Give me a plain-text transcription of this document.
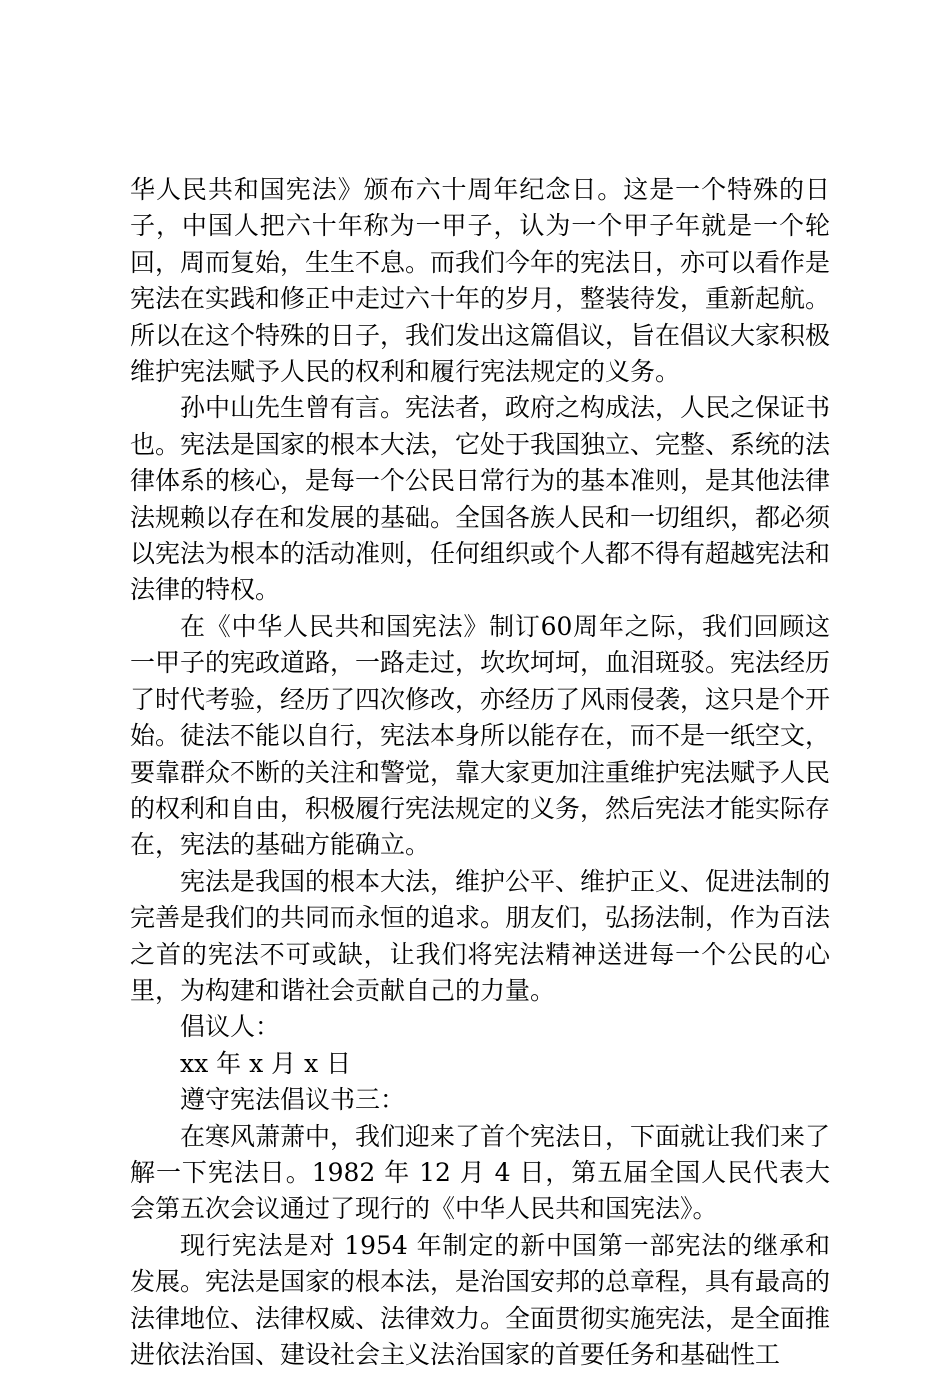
华人民共和国宪法》颁布六十周年纪念日。这是一个特殊的日子，中国人把六十年称为一甲子，认为一个甲子年就是一个轮回，周而复始，生生不息。而我们今年的宪法日，亦可以看作是宪法在实践和修正中走过六十年的岁月，整装待发，重新起航。所以在这个特殊的日子，我们发出这篇倡议，旨在倡议大家积极维护宪法赋予人民的权利和履行宪法规定的义务。

孙中山先生曾有言。宪法者，政府之构成法，人民之保证书也。宪法是国家的根本大法，它处于我国独立、完整、系统的法律体系的核心，是每一个公民日常行为的基本准则，是其他法律法规赖以存在和发展的基础。全国各族人民和一切组织，都必须以宪法为根本的活动准则，任何组织或个人都不得有超越宪法和法律的特权。

在《中华人民共和国宪法》制订60周年之际，我们回顾这一甲子的宪政道路，一路走过，坎坎坷坷，血泪斑驳。宪法经历了时代考验，经历了四次修改，亦经历了风雨侵袭，这只是个开始。徒法不能以自行，宪法本身所以能存在，而不是一纸空文，要靠群众不断的关注和警觉，靠大家更加注重维护宪法赋予人民的权利和自由，积极履行宪法规定的义务，然后宪法才能实际存在，宪法的基础方能确立。

宪法是我国的根本大法，维护公平、维护正义、促进法制的完善是我们的共同而永恒的追求。朋友们，弘扬法制，作为百法之首的宪法不可或缺，让我们将宪法精神送进每一个公民的心里，为构建和谐社会贡献自己的力量。

倡议人：

xx 年 x 月 x 日

遵守宪法倡议书三：

在寒风萧萧中，我们迎来了首个宪法日，下面就让我们来了解一下宪法日。1982 年 12 月 4 日，第五届全国人民代表大会第五次会议通过了现行的《中华人民共和国宪法》。

现行宪法是对 1954 年制定的新中国第一部宪法的继承和发展。宪法是国家的根本法，是治国安邦的总章程，具有最高的法律地位、法律权威、法律效力。全面贯彻实施宪法，是全面推进依法治国、建设社会主义法治国家的首要任务和基础性工
